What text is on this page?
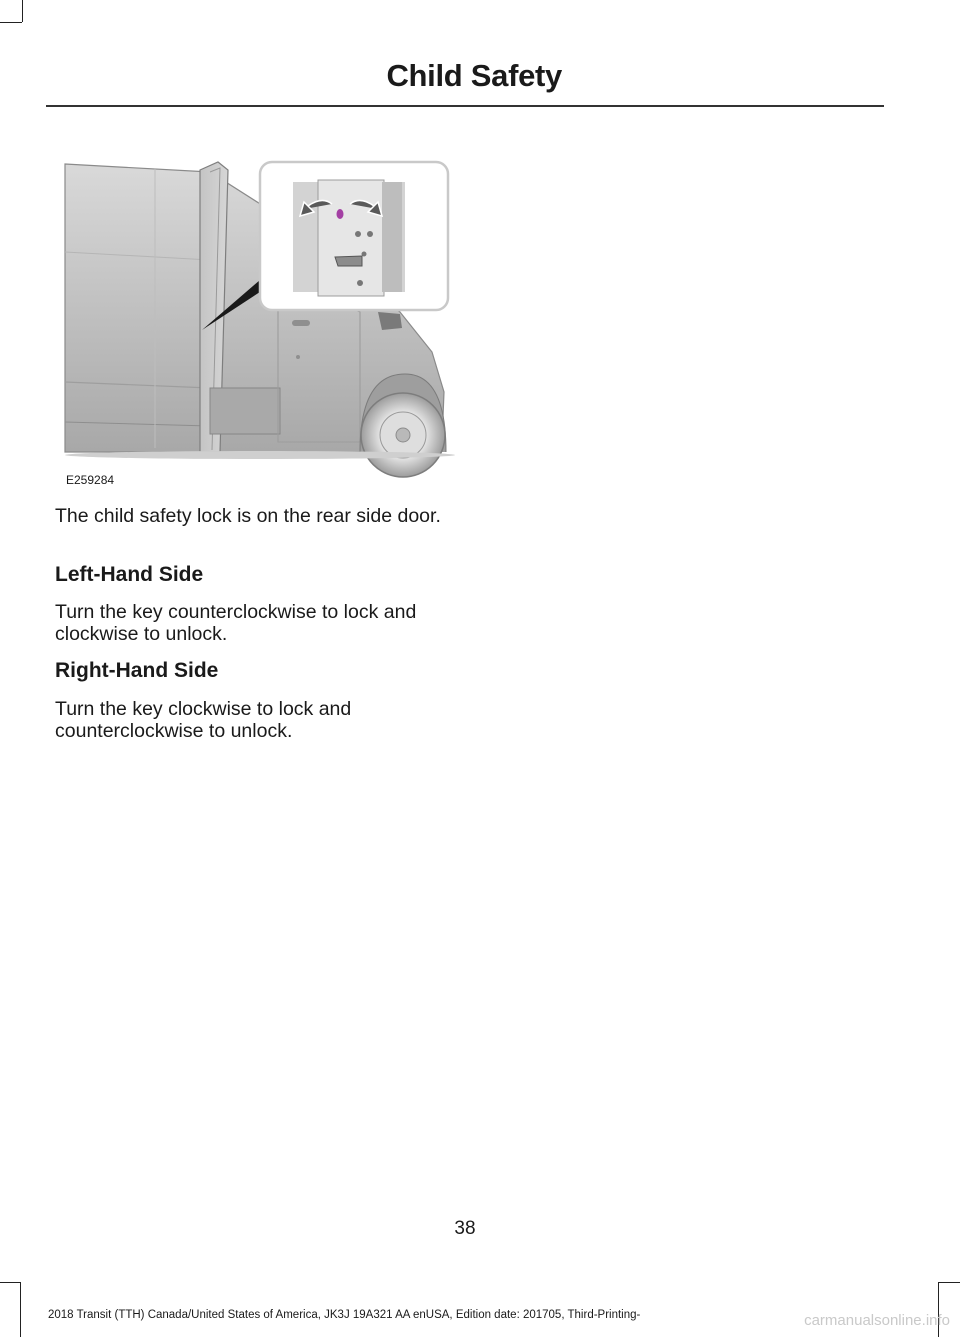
Child Safety
E259284

The child safety lock is on the rear side door.

Left-Hand Side

Turn the key counterclockwise to lock and clockwise to unlock.

Right-Hand Side

Turn the key clockwise to lock and counterclockwise to unlock.

38
2018 Transit (TTH) Canada/United States of America, JK3J 19A321 AA enUSA, Edition date: 201705, Third-Printing-	carmanualsonline.info
